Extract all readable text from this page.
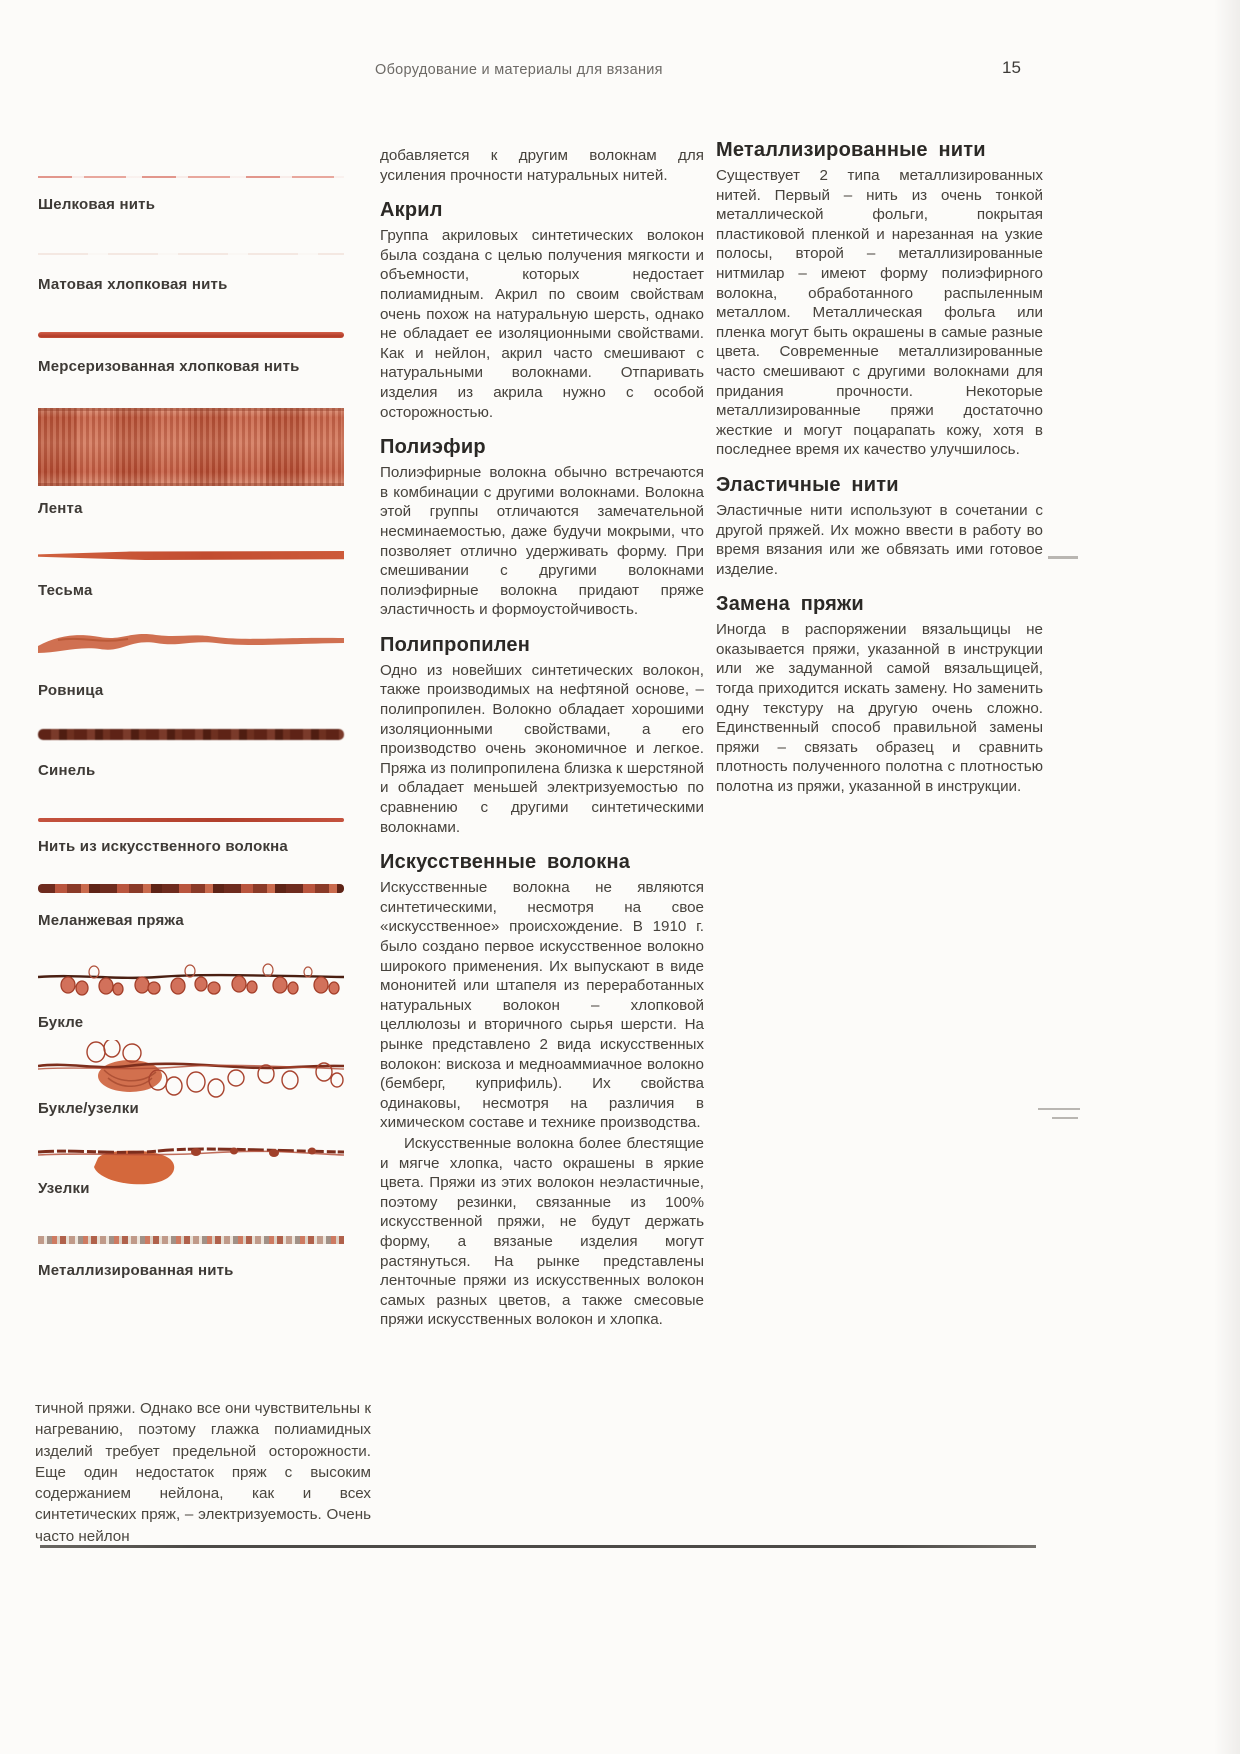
Оборудование и материалы для вязания	15
Шелковая нить
Матовая хлопковая нить
Мерсеризованная хлопковая нить
Лента
Тесьма
Ровница
Синель
Нить из искусственного волокна
Меланжевая пряжа
Букле
Букле/узелки
Узелки
Металлизированная нить

добавляется к другим волокнам для усиления прочности натуральных нитей.

Акрил

Группа акриловых синтетических волокон была создана с целью получения мягкости и объемности, которых недостает полиамидным. Акрил по своим свойствам очень похож на натуральную шерсть, однако не обладает ее изоляционными свойствами. Как и нейлон, акрил часто смешивают с натуральными волокнами. Отпаривать изделия из акрила нужно с особой осторожностью.

Полиэфир

Полиэфирные волокна обычно встречаются в комбинации с другими волокнами. Волокна этой группы отличаются замечательной несминаемостью, даже будучи мокрыми, что позволяет отлично удерживать форму. При смешивании с другими волокнами полиэфирные волокна придают пряже эластичность и формоустойчивость.

Полипропилен

Одно из новейших синтетических волокон, также производимых на нефтяной основе, – полипропилен. Волокно обладает хорошими изоляционными свойствами, а его производство очень экономичное и легкое. Пряжа из полипропилена близка к шерстяной и обладает меньшей электризуемостью по сравнению с другими синтетическими волокнами.

Искусственные волокна

Искусственные волокна не являются синтетическими, несмотря на свое «искусственное» происхождение. В 1910 г. было создано первое искусственное волокно широкого применения. Их выпускают в виде мононитей или штапеля из переработанных натуральных волокон – хлопковой целлюлозы и вторичного сырья шерсти. На рынке представлено 2 вида искусственных волокон: вискоза и медноаммиачное волокно (бемберг, куприфиль). Их свойства одинаковы, несмотря на различия в химическом составе и технике производства.

Искусственные волокна более блестящие и мягче хлопка, часто окрашены в яркие цвета. Пряжи из этих волокон неэластичные, поэтому резинки, связанные из 100% искусственной пряжи, не будут держать форму, а вязаные изделия могут растянуться. На рынке представлены ленточные пряжи из искусственных волокон самых разных цветов, а также смесовые пряжи искусственных волокон и хлопка.

Металлизированные нити

Существует 2 типа металлизированных нитей. Первый – нить из очень тонкой металлической фольги, покрытая пластиковой пленкой и нарезанная на узкие полосы, второй – металлизированные нитмилар – имеют форму полиэфирного волокна, обработанного распыленным металлом. Металлическая фольга или пленка могут быть окрашены в самые разные цвета. Современные металлизированные часто смешивают с другими волокнами для придания прочности. Некоторые металлизированные пряжи достаточно жесткие и могут поцарапать кожу, хотя в последнее время их качество улучшилось.

Эластичные нити

Эластичные нити используют в сочетании с другой пряжей. Их можно ввести в работу во время вязания или же обвязать ими готовое изделие.

Замена пряжи

Иногда в распоряжении вязальщицы не оказывается пряжи, указанной в инструкции или же задуманной самой вязальщицей, тогда приходится искать замену. Но заменить одну текстуру на другую очень сложно. Единственный способ правильной замены пряжи – связать образец и сравнить плотность полученного полотна с плотностью полотна из пряжи, указанной в инструкции.

тичной пряжи. Однако все они чувствительны к нагреванию, поэтому глажка полиамидных изделий требует предельной осторожности. Еще один недостаток пряж с высоким содержанием нейлона, как и всех синтетических пряж, – электризуемость. Очень часто нейлон
